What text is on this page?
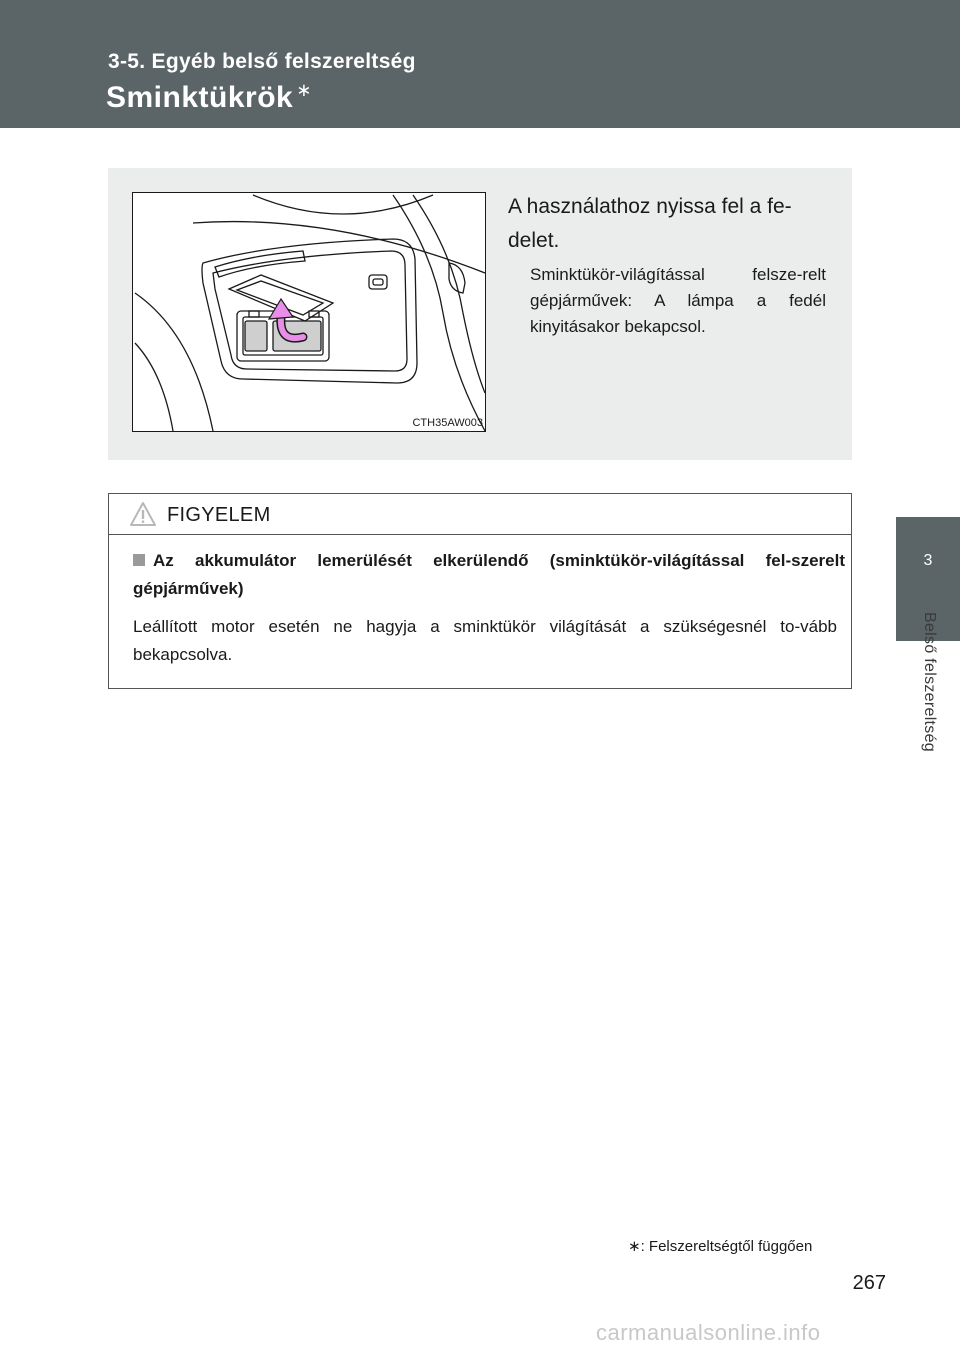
3-5. Egyéb belső felszereltség
Sminktükrök ∗
3
Belső felszereltség
CTH35AW003
A használathoz nyissa fel a fe-delet.
Sminktükör-világítással felsze-relt gépjárművek: A lámpa a fedél kinyitásakor bekapcsol.
FIGYELEM
Az akkumulátor lemerülését elkerülendő (sminktükör-világítással fel-szerelt gépjárművek)
Leállított motor esetén ne hagyja a sminktükör világítását a szükségesnél to-vább bekapcsolva.
∗: Felszereltségtől függően
267
carmanualsonline.info
